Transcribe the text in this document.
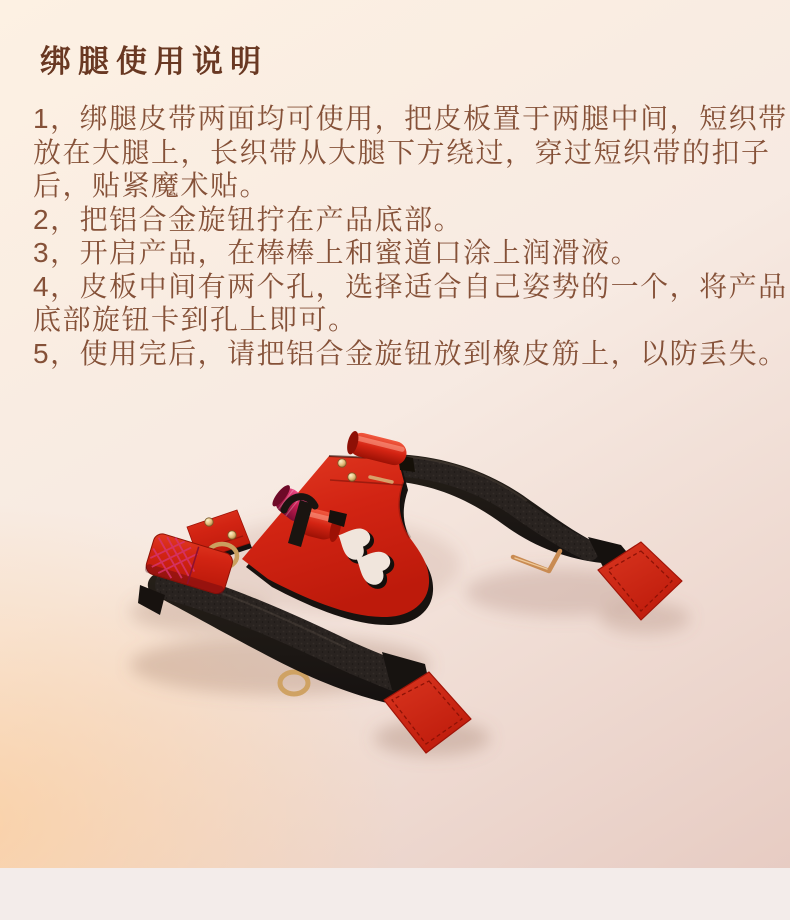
绑腿使用说明

1，绑腿皮带两面均可使用，把皮板置于两腿中间，短织带

放在大腿上，长织带从大腿下方绕过，穿过短织带的扣子

后，贴紧魔术贴。

2，把铝合金旋钮拧在产品底部。

3，开启产品，在棒棒上和蜜道口涂上润滑液。

4，皮板中间有两个孔，选择适合自己姿势的一个，将产品

底部旋钮卡到孔上即可。

5，使用完后，请把铝合金旋钮放到橡皮筋上，以防丢失。
